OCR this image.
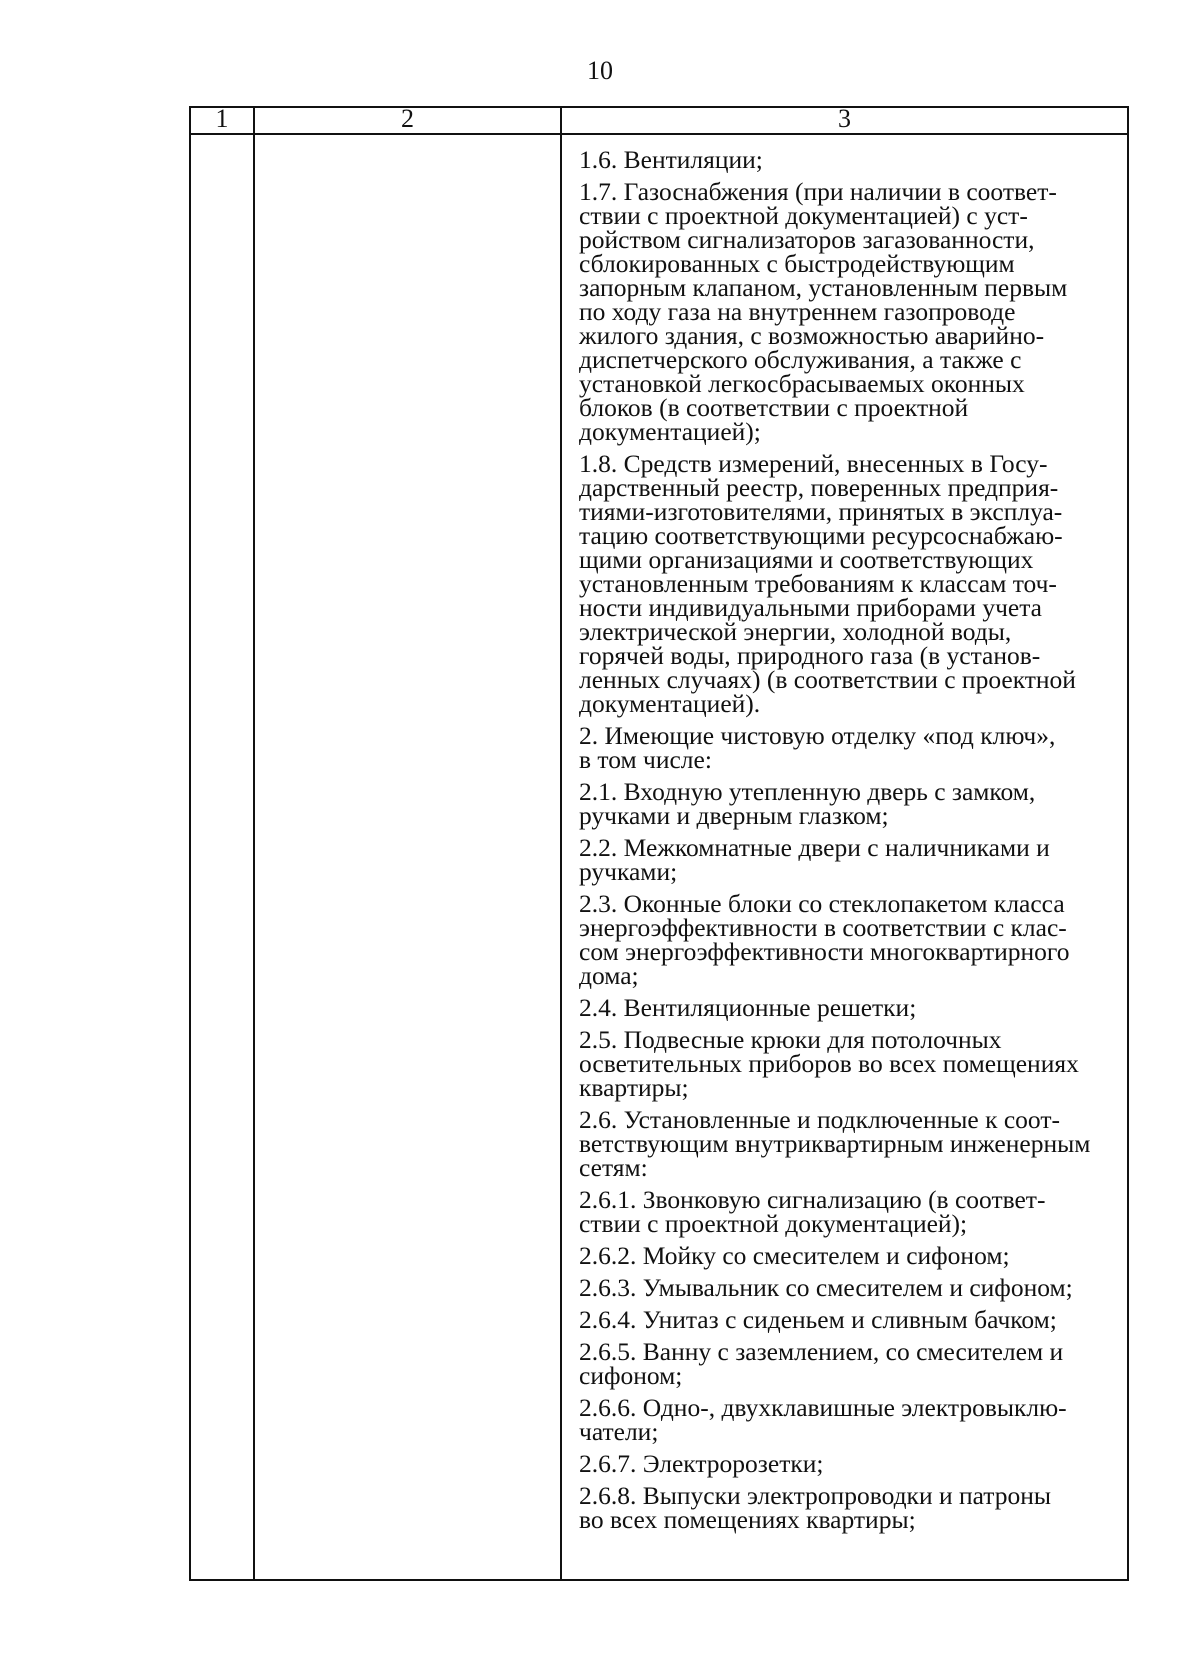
10
1	2	3
1.6. Вентиляции;
1.7. Газоснабжения (при наличии в соответ-
ствии с проектной документацией) с уст-
ройством сигнализаторов загазованности,
сблокированных с быстродействующим
запорным клапаном, установленным первым
по ходу газа на внутреннем газопроводе
жилого здания, с возможностью аварийно-
диспетчерского обслуживания, а также с
установкой легкосбрасываемых оконных
блоков (в соответствии с проектной
документацией);
1.8. Средств измерений, внесенных в Госу-
дарственный реестр, поверенных предприя-
тиями-изготовителями, принятых в эксплуа-
тацию соответствующими ресурсоснабжаю-
щими организациями и соответствующих
установленным требованиям к классам точ-
ности индивидуальными приборами учета
электрической энергии, холодной воды,
горячей воды, природного газа (в установ-
ленных случаях) (в соответствии с проектной
документацией).
2. Имеющие чистовую отделку «под ключ»,
в том числе:
2.1. Входную утепленную дверь с замком,
ручками и дверным глазком;
2.2. Межкомнатные двери с наличниками и
ручками;
2.3. Оконные блоки со стеклопакетом класса
энергоэффективности в соответствии с клас-
сом энергоэффективности многоквартирного
дома;
2.4. Вентиляционные решетки;
2.5. Подвесные крюки для потолочных
осветительных приборов во всех помещениях
квартиры;
2.6. Установленные и подключенные к соот-
ветствующим внутриквартирным инженерным
сетям:
2.6.1. Звонковую сигнализацию (в соответ-
ствии с проектной документацией);
2.6.2. Мойку со смесителем и сифоном;
2.6.3. Умывальник со смесителем и сифоном;
2.6.4. Унитаз с сиденьем и сливным бачком;
2.6.5. Ванну с заземлением, со смесителем и
сифоном;
2.6.6. Одно-, двухклавишные электровыклю-
чатели;
2.6.7. Электророзетки;
2.6.8. Выпуски электропроводки и патроны
во всех помещениях квартиры;
